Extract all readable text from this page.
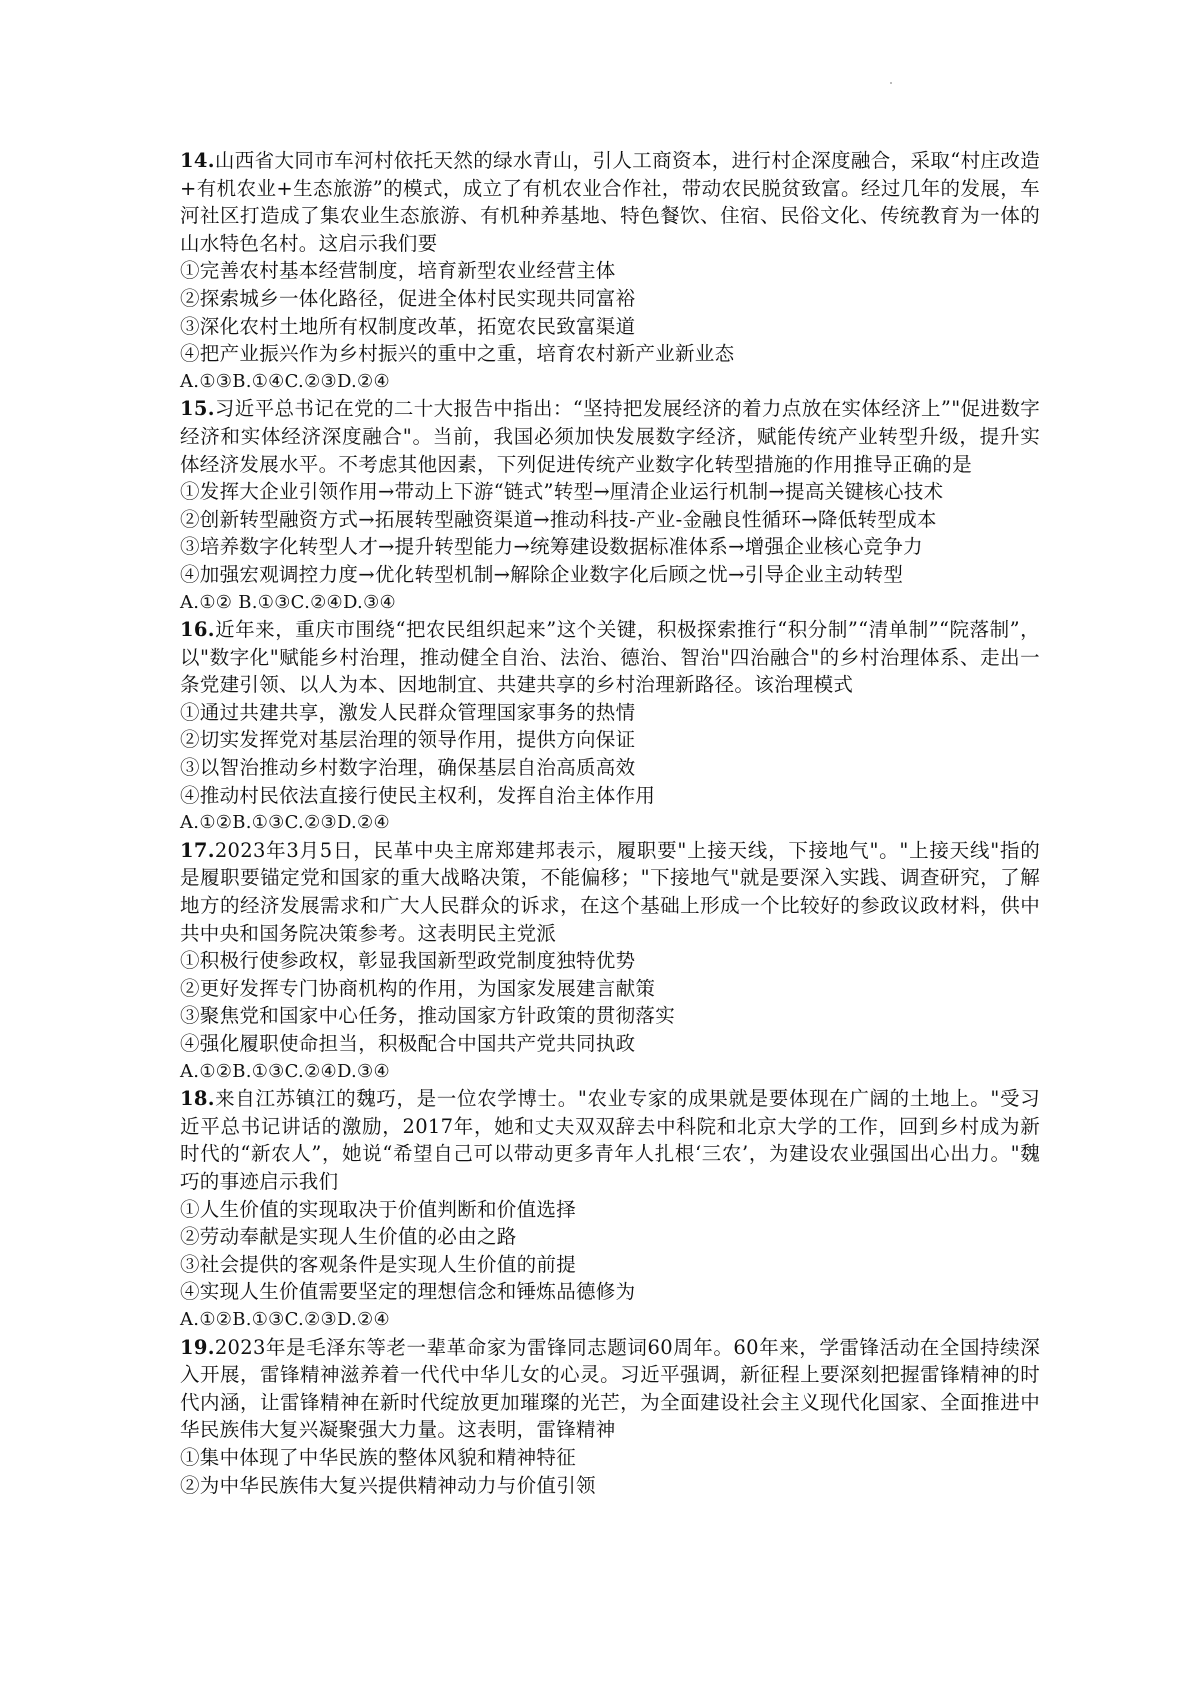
14.山西省大同市车河村依托天然的绿水青山，引人工商资本，进行村企深度融合，采取“村庄改造+有机农业+生态旅游”的模式，成立了有机农业合作社，带动农民脱贫致富。经过几年的发展，车河社区打造成了集农业生态旅游、有机种养基地、特色餐饮、住宿、民俗文化、传统教育为一体的山水特色名村。这启示我们要

①完善农村基本经营制度，培育新型农业经营主体

②探索城乡一体化路径，促进全体村民实现共同富裕

③深化农村土地所有权制度改革，拓宽农民致富渠道

④把产业振兴作为乡村振兴的重中之重，培育农村新产业新业态

A.①③B.①④C.②③D.②④

15.习近平总书记在党的二十大报告中指出：“坚持把发展经济的着力点放在实体经济上”"促进数字经济和实体经济深度融合"。当前，我国必须加快发展数字经济，赋能传统产业转型升级，提升实体经济发展水平。不考虑其他因素，下列促进传统产业数字化转型措施的作用推导正确的是

①发挥大企业引领作用→带动上下游“链式”转型→厘清企业运行机制→提高关键核心技术

②创新转型融资方式→拓展转型融资渠道→推动科技-产业-金融良性循环→降低转型成本

③培养数字化转型人才→提升转型能力→统筹建设数据标准体系→增强企业核心竞争力

④加强宏观调控力度→优化转型机制→解除企业数字化后顾之忧→引导企业主动转型

A.①② B.①③C.②④D.③④

16.近年来，重庆市围绕“把农民组织起来”这个关键，积极探索推行“积分制”“清单制”“院落制”，以"数字化"赋能乡村治理，推动健全自治、法治、德治、智治"四治融合"的乡村治理体系、走出一条党建引领、以人为本、因地制宜、共建共享的乡村治理新路径。该治理模式

①通过共建共享，激发人民群众管理国家事务的热情

②切实发挥党对基层治理的领导作用，提供方向保证

③以智治推动乡村数字治理，确保基层自治高质高效

④推动村民依法直接行使民主权利，发挥自治主体作用

A.①②B.①③C.②③D.②④

17.2023年3月5日，民革中央主席郑建邦表示，履职要"上接天线，下接地气"。"上接天线"指的是履职要锚定党和国家的重大战略决策，不能偏移；"下接地气"就是要深入实践、调查研究，了解地方的经济发展需求和广大人民群众的诉求，在这个基础上形成一个比较好的参政议政材料，供中共中央和国务院决策参考。这表明民主党派

①积极行使参政权，彰显我国新型政党制度独特优势

②更好发挥专门协商机构的作用，为国家发展建言献策

③聚焦党和国家中心任务，推动国家方针政策的贯彻落实

④强化履职使命担当，积极配合中国共产党共同执政

A.①②B.①③C.②④D.③④

18.来自江苏镇江的魏巧，是一位农学博士。"农业专家的成果就是要体现在广阔的土地上。"受习近平总书记讲话的激励，2017年，她和丈夫双双辞去中科院和北京大学的工作，回到乡村成为新时代的“新农人”，她说“希望自己可以带动更多青年人扎根‘三农’，为建设农业强国出心出力。"魏巧的事迹启示我们

①人生价值的实现取决于价值判断和价值选择

②劳动奉献是实现人生价值的必由之路

③社会提供的客观条件是实现人生价值的前提

④实现人生价值需要坚定的理想信念和锤炼品德修为

A.①②B.①③C.②③D.②④

19.2023年是毛泽东等老一辈革命家为雷锋同志题词60周年。60年来，学雷锋活动在全国持续深入开展，雷锋精神滋养着一代代中华儿女的心灵。习近平强调，新征程上要深刻把握雷锋精神的时代内涵，让雷锋精神在新时代绽放更加璀璨的光芒，为全面建设社会主义现代化国家、全面推进中华民族伟大复兴凝聚强大力量。这表明，雷锋精神

①集中体现了中华民族的整体风貌和精神特征

②为中华民族伟大复兴提供精神动力与价值引领
